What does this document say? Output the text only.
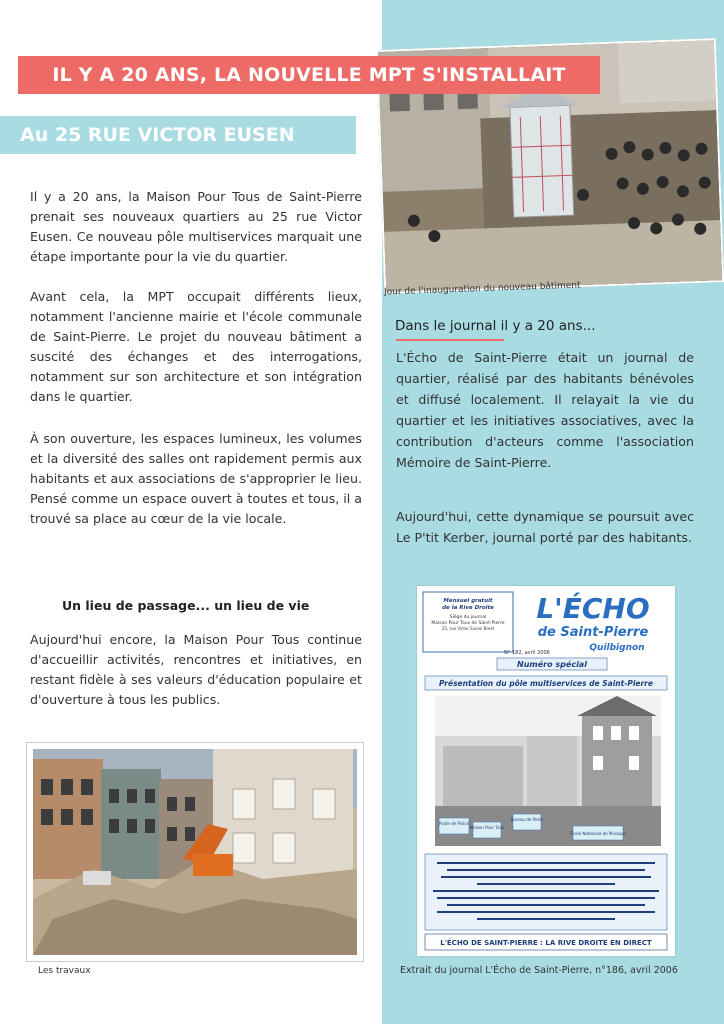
IL Y A 20 ANS, LA NOUVELLE MPT S'INSTALLAIT
Au 25 RUE VICTOR EUSEN

Il y a 20 ans, la Maison Pour Tous de Saint-Pierre prenait ses nouveaux quartiers au 25 rue Victor Eusen. Ce nouveau pôle multiservices marquait une étape importante pour la vie du quartier.

Avant cela, la MPT occupait différents lieux, notamment l'ancienne mairie et l'école communale de Saint-Pierre. Le projet du nouveau bâtiment a suscité des échanges et des interrogations, notamment sur son architecture et son intégration dans le quartier.

À son ouverture, les espaces lumineux, les volumes et la diversité des salles ont rapidement permis aux habitants et aux associations de s'approprier le lieu. Pensé comme un espace ouvert à toutes et tous, il a trouvé sa place au cœur de la vie locale.

Un lieu de passage... un lieu de vie

Aujourd'hui encore, la Maison Pour Tous continue d'accueillir activités, rencontres et initiatives, en restant fidèle à ses valeurs d'éducation populaire et d'ouverture à tous les publics.

Les travaux
Jour de l'inauguration du nouveau bâtiment
Dans le journal il y a 20 ans...

L'Écho de Saint-Pierre était un journal de quartier, réalisé par des habitants bénévoles et diffusé localement. Il relayait la vie du quartier et les initiatives associatives, avec la contribution d'acteurs comme l'association Mémoire de Saint-Pierre.

Aujourd'hui, cette dynamique se poursuit avec Le P'tit Kerber, journal porté par des habitants.

Mensuel gratuit
de la Rive Droite
Siège du journal
Maison Pour Tous de Saint-Pierre
25, rue Victor Eusen Brest
L'ÉCHO
de Saint-Pierre
Quilbignon
N° 182, avril 2006
Numéro spécial
Présentation du pôle multiservices de Saint-Pierre
Poste de Police
Maison Pour Tous
Bureau de Poste
Ecole Nationale de Musique
L'ÉCHO DE SAINT-PIERRE : LA RIVE DROITE EN DIRECT
Extrait du journal L'Écho de Saint-Pierre, n°186, avril 2006
